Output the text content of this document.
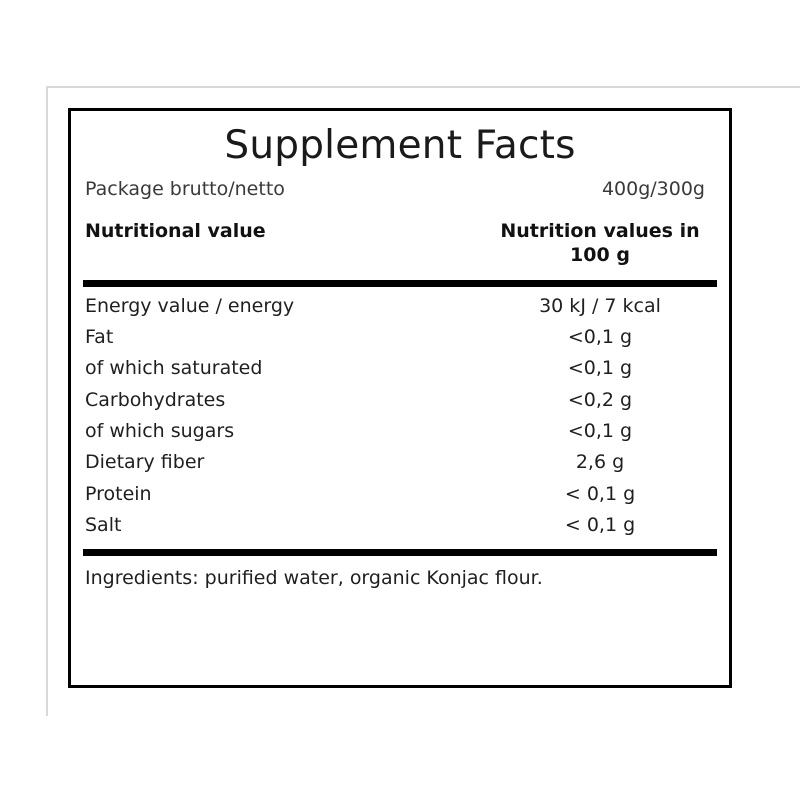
Supplement Facts
Package brutto/netto	400g/300g
Nutritional value	Nutrition values in 100 g
Energy value / energy	30 kJ / 7 kcal
Fat	<0,1 g
of which saturated	<0,1 g
Carbohydrates	<0,2 g
of which sugars	<0,1 g
Dietary fiber	2,6 g
Protein	< 0,1 g
Salt	< 0,1 g
Ingredients: purified water, organic Konjac flour.
